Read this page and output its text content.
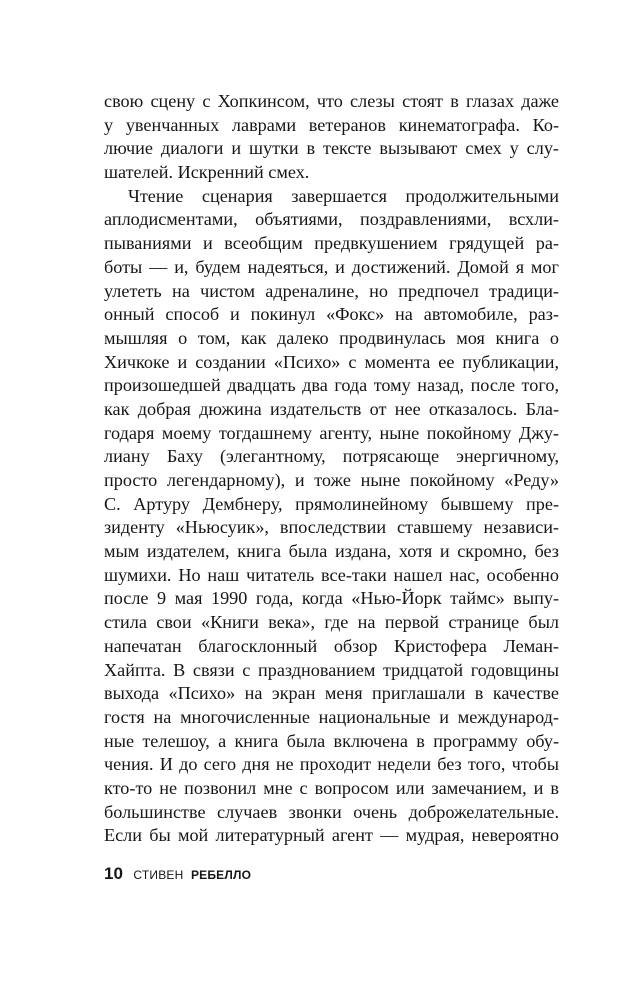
свою сцену с Хопкинсом, что слезы стоят в глазах даже
у увенчанных лаврами ветеранов кинематографа. Ко-
лючие диалоги и шутки в тексте вызывают смех у слу-
шателей. Искренний смех.
Чтение сценария завершается продолжительными
аплодисментами, объятиями, поздравлениями, всхли-
пываниями и всеобщим предвкушением грядущей ра-
боты — и, будем надеяться, и достижений. Домой я мог
улететь на чистом адреналине, но предпочел традици-
онный способ и покинул «Фокс» на автомобиле, раз-
мышляя о том, как далеко продвинулась моя книга о
Хичкоке и создании «Психо» с момента ее публикации,
произошедшей двадцать два года тому назад, после того,
как добрая дюжина издательств от нее отказалось. Бла-
годаря моему тогдашнему агенту, ныне покойному Джу-
лиану Баху (элегантному, потрясающе энергичному,
просто легендарному), и тоже ныне покойному «Реду»
С. Артуру Дембнеру, прямолинейному бывшему пре-
зиденту «Ньюсуик», впоследствии ставшему независи-
мым издателем, книга была издана, хотя и скромно, без
шумихи. Но наш читатель все-таки нашел нас, особенно
после 9 мая 1990 года, когда «Нью-Йорк таймс» выпу-
стила свои «Книги века», где на первой странице был
напечатан благосклонный обзор Кристофера Леман-
Хайпта. В связи с празднованием тридцатой годовщины
выхода «Психо» на экран меня приглашали в качестве
гостя на многочисленные национальные и международ-
ные телешоу, а книга была включена в программу обу-
чения. И до сего дня не проходит недели без того, чтобы
кто-то не позвонил мне с вопросом или замечанием, и в
большинстве случаев звонки очень доброжелательные.
Если бы мой литературный агент — мудрая, невероятно
10 СТИВЕН РЕБЕЛЛО
